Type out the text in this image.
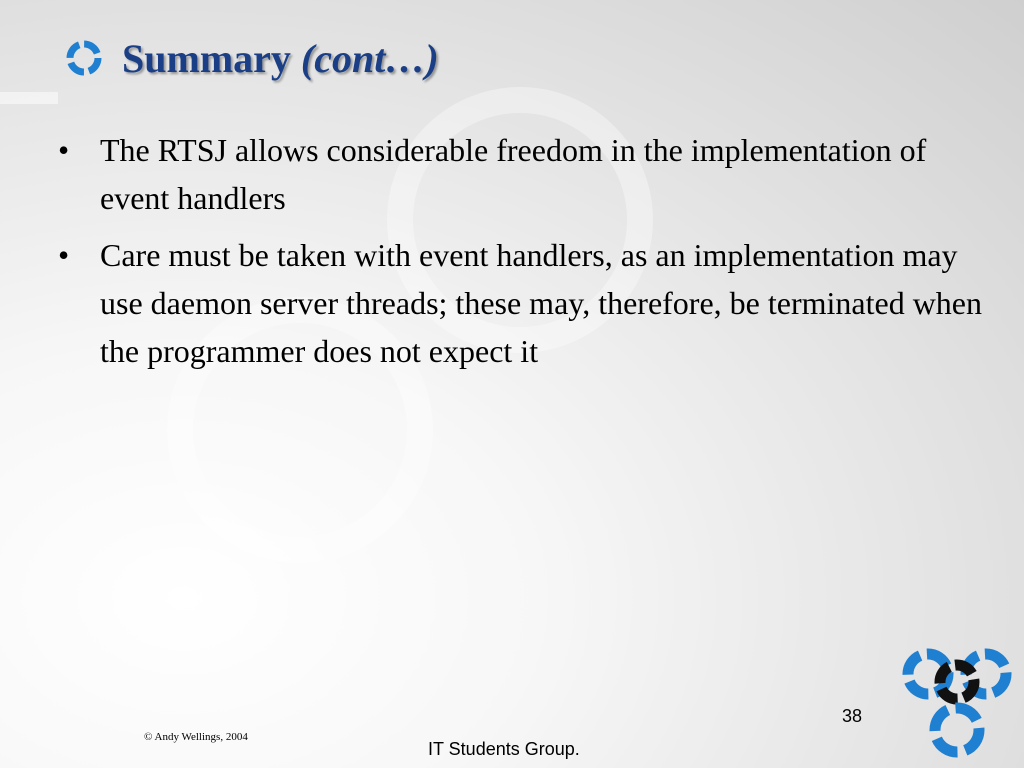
Summary (cont…)
• The RTSJ allows considerable freedom in the implementation of event handlers
• Care must be taken with event handlers, as an implementation may use daemon server threads; these may, therefore, be terminated when the programmer does not expect it
© Andy Wellings, 2004
38
IT Students Group.
